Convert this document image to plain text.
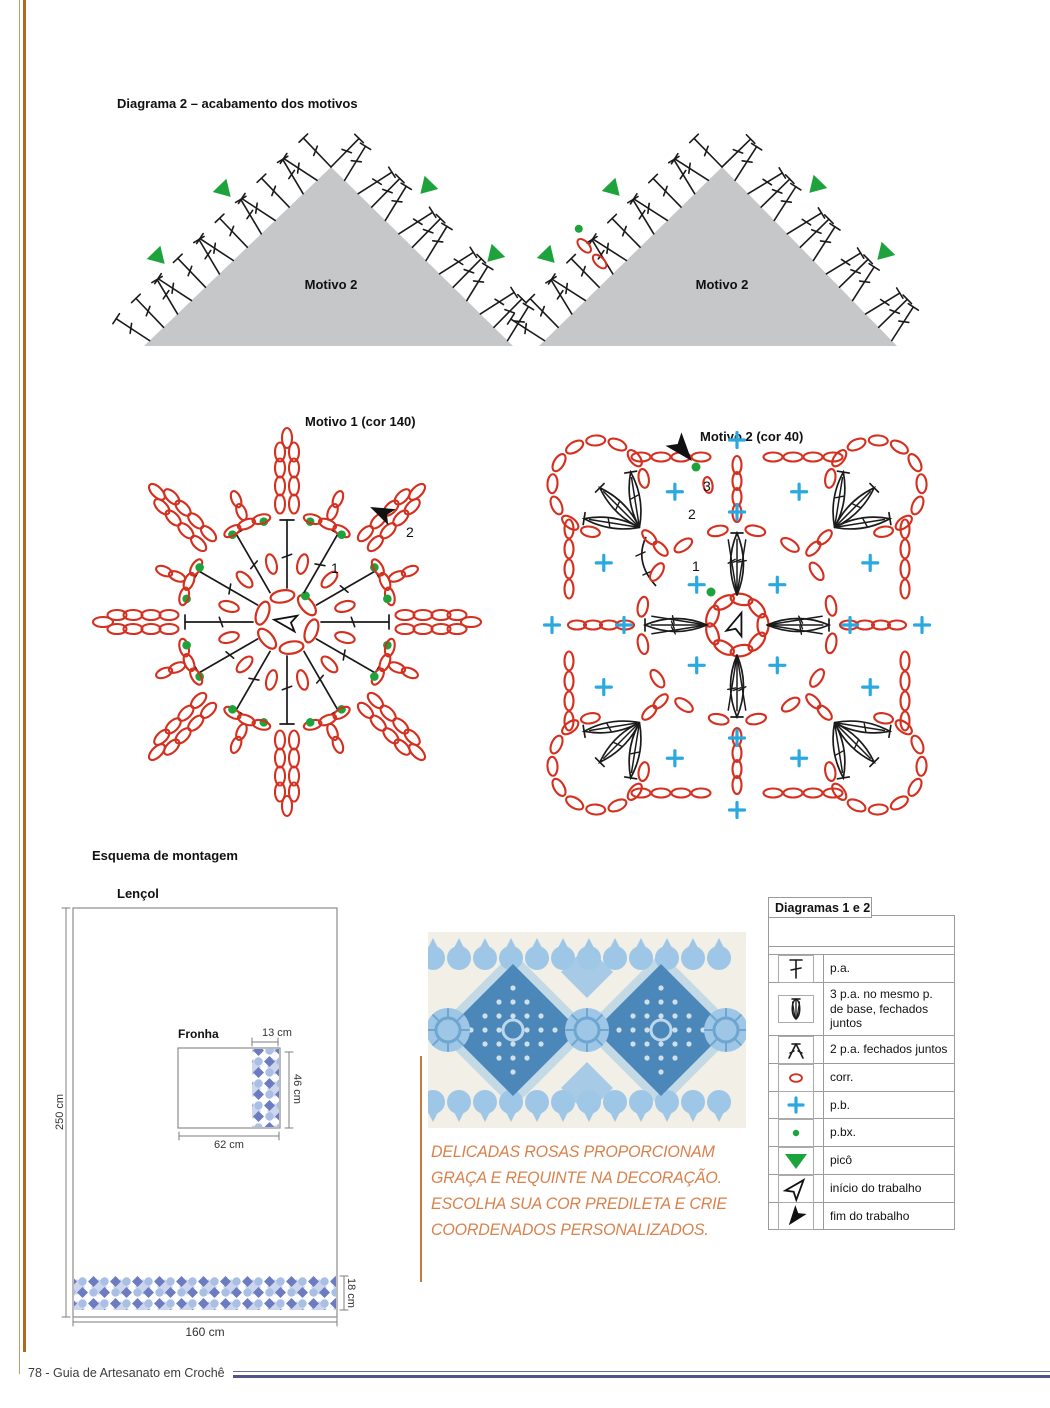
Diagrama 2 – acabamento dos motivos
Motivo 2	Motivo 2
Motivo 1 (cor 140)
1
2
Motivo 2 (cor 40)
1
2
3
Esquema de montagem
Lençol
Fronha
250 cm
160 cm
62 cm
46 cm
13 cm
18 cm
DELICADAS ROSAS PROPORCIONAM
GRAÇA E REQUINTE NA DECORAÇÃO.
ESCOLHA SUA COR PREDILETA E CRIE
COORDENADOS PERSONALIZADOS.
Diagramas 1 e 2
p.a.
3 p.a. no mesmo p. de base, fechados juntos
2 p.a. fechados juntos
corr.
p.b.
p.bx.
picô
início do trabalho
fim do trabalho
78 - Guia de Artesanato em Crochê
